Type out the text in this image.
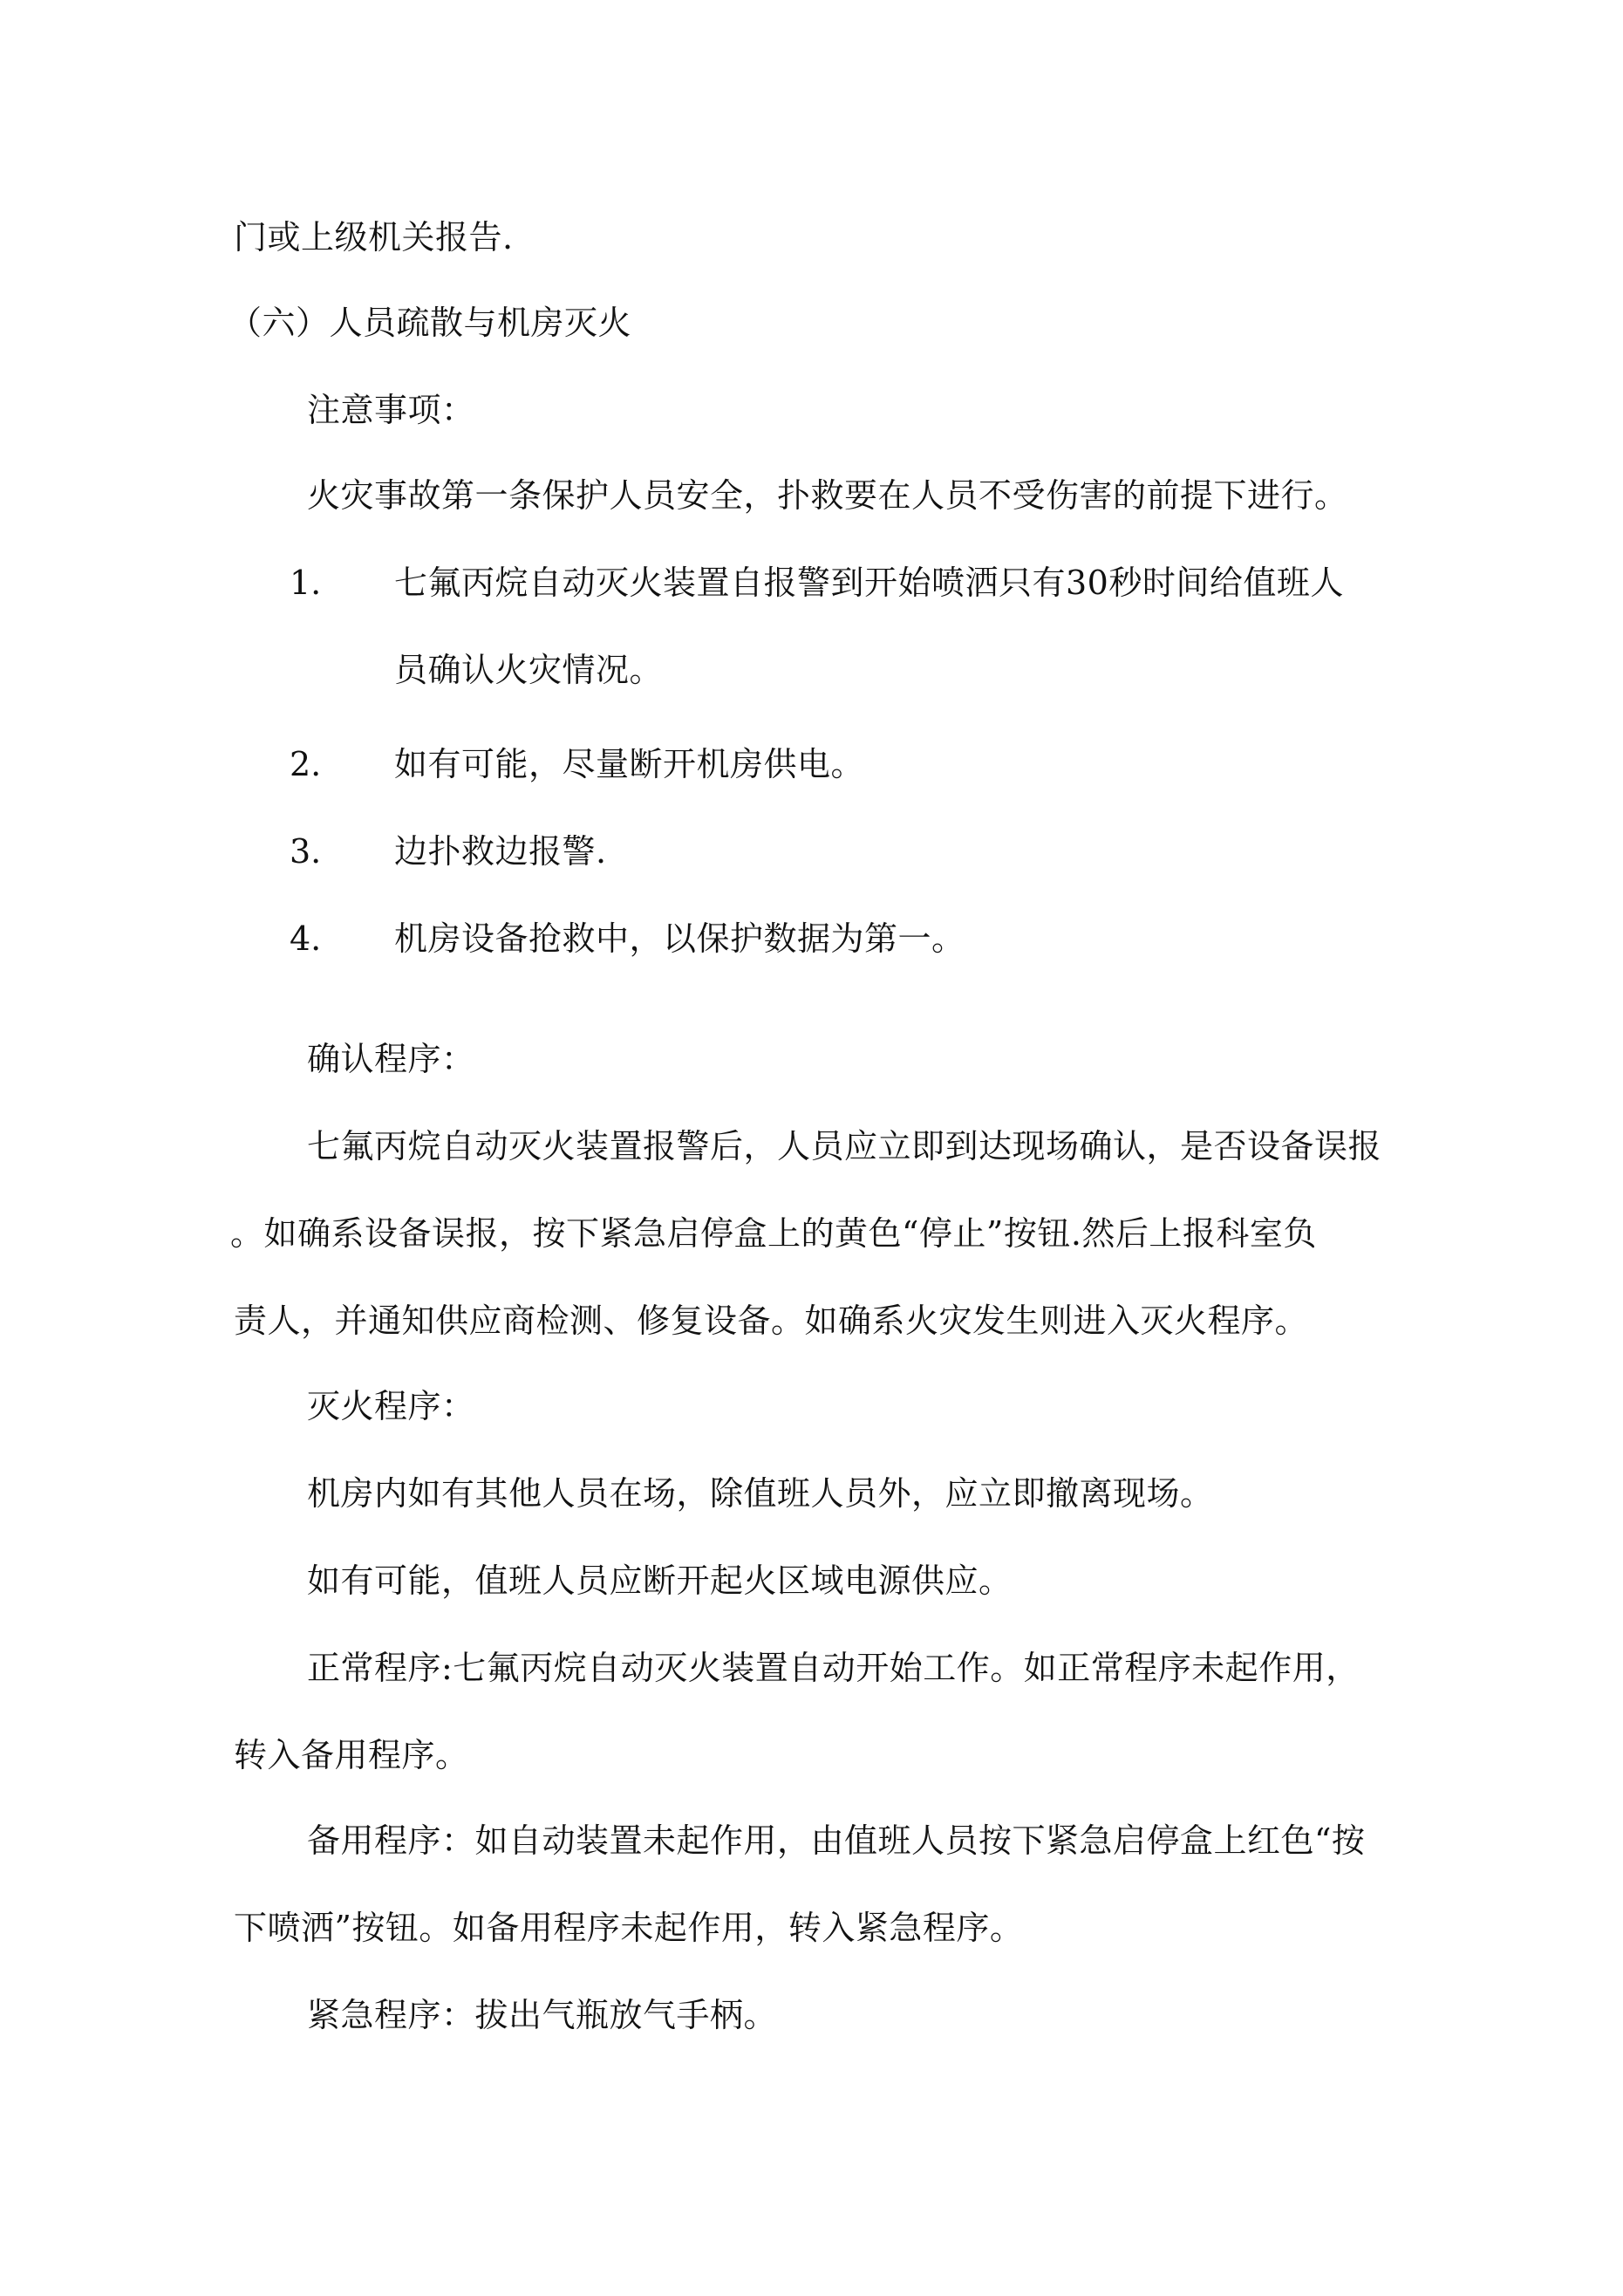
门或上级机关报告.
（六）人员疏散与机房灭火
注意事项：
火灾事故第一条保护人员安全，扑救要在人员不受伤害的前提下进行。
1. 七氟丙烷自动灭火装置自报警到开始喷洒只有30秒时间给值班人
员确认火灾情况。
2. 如有可能，尽量断开机房供电。
3. 边扑救边报警.
4. 机房设备抢救中，以保护数据为第一。
确认程序：
七氟丙烷自动灭火装置报警后，人员应立即到达现场确认，是否设备误报
。如确系设备误报，按下紧急启停盒上的黄色“停止”按钮.然后上报科室负
责人，并通知供应商检测、修复设备。如确系火灾发生则进入灭火程序。
灭火程序：
机房内如有其他人员在场，除值班人员外，应立即撤离现场。
如有可能，值班人员应断开起火区域电源供应。
正常程序:七氟丙烷自动灭火装置自动开始工作。如正常程序未起作用，
转入备用程序。
备用程序：如自动装置未起作用，由值班人员按下紧急启停盒上红色“按
下喷洒”按钮。如备用程序未起作用，转入紧急程序。
紧急程序：拔出气瓶放气手柄。
